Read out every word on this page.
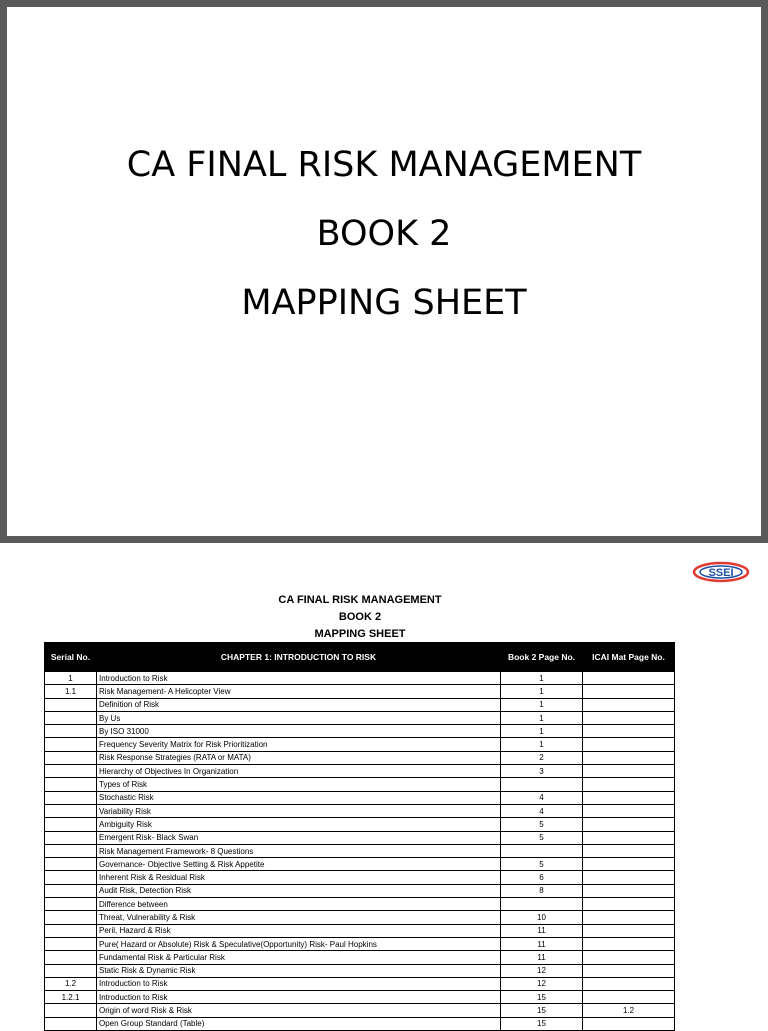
CA FINAL RISK MANAGEMENT
BOOK 2
MAPPING SHEET
SSEI
CA FINAL RISK MANAGEMENT
BOOK 2
MAPPING SHEET
Serial No.	CHAPTER 1: INTRODUCTION TO RISK	Book 2 Page No.	ICAI Mat Page No.
1	Introduction to Risk	1	
1.1	Risk Management- A Helicopter View	1	
	Definition of Risk	1	
	By Us	1	
	By ISO 31000	1	
	Frequency Severity Matrix for Risk Prioritization	1	
	Risk Response Strategies (RATA or MATA)	2	
	Hierarchy of Objectives In Organization	3	
	Types of Risk		
	Stochastic Risk	4	
	Variability Risk	4	
	Ambiguity Risk	5	
	Emergent Risk- Black Swan	5	
	Risk Management Framework- 8 Questions		
	Governance- Objective Setting & Risk Appetite	5	
	Inherent Risk & Residual Risk	6	
	Audit Risk, Detection Risk	8	
	Difference between		
	Threat, Vulnerability & Risk	10	
	Peril, Hazard & Risk	11	
	Pure( Hazard or Absolute) Risk & Speculative(Opportunity) Risk- Paul Hopkins	11	
	Fundamental Risk & Particular Risk	11	
	Static Risk & Dynamic Risk	12	
1.2	Introduction to Risk	12	
1.2.1	Introduction to Risk	15	
	Origin of word Risk & Risk	15	1.2
	Open Group Standard (Table)	15	
